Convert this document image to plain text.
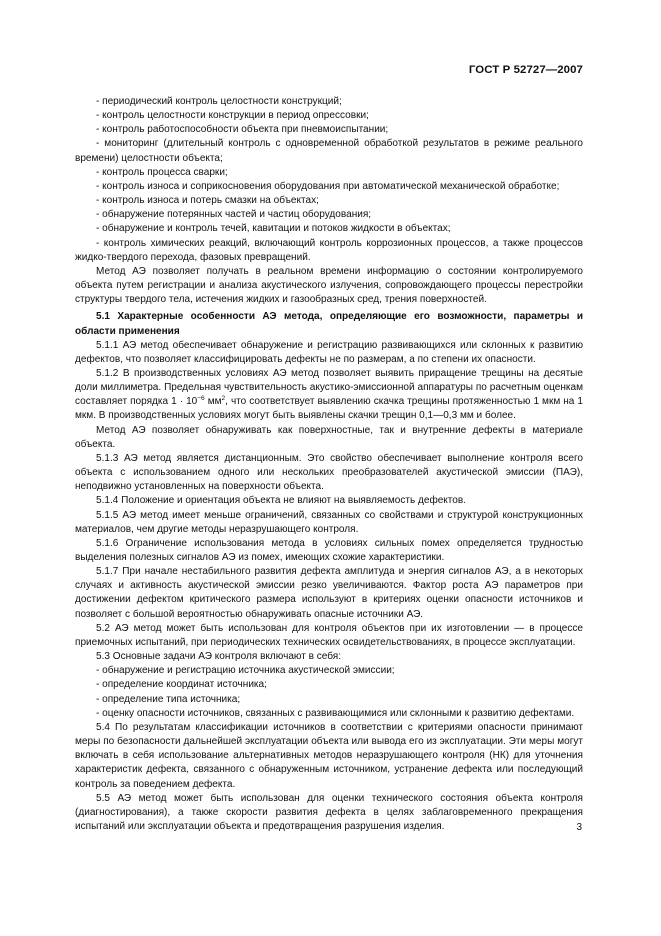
ГОСТ Р 52727—2007

- периодический контроль целостности конструкций;

- контроль целостности конструкции в период опрессовки;

- контроль работоспособности объекта при пневмоиспытании;

- мониторинг (длительный контроль с одновременной обработкой результатов в режиме реального времени) целостности объекта;

- контроль процесса сварки;

- контроль износа и соприкосновения оборудования при автоматической механической обработке;

- контроль износа и потерь смазки на объектах;

- обнаружение потерянных частей и частиц оборудования;

- обнаружение и контроль течей, кавитации и потоков жидкости в объектах;

- контроль химических реакций, включающий контроль коррозионных процессов, а также процессов жидко-твердого перехода, фазовых превращений.

Метод АЭ позволяет получать в реальном времени информацию о состоянии контролируемого объекта путем регистрации и анализа акустического излучения, сопровождающего процессы перестройки структуры твердого тела, истечения жидких и газообразных сред, трения поверхностей.

5.1 Характерные особенности АЭ метода, определяющие его возможности, параметры и области применения

5.1.1 АЭ метод обеспечивает обнаружение и регистрацию развивающихся или склонных к развитию дефектов, что позволяет классифицировать дефекты не по размерам, а по степени их опасности.

5.1.2 В производственных условиях АЭ метод позволяет выявить приращение трещины на десятые доли миллиметра. Предельная чувствительность акустико-эмиссионной аппаратуры по расчетным оценкам составляет порядка $1 \cdot 10^{-6}$ $мм^2$, что соответствует выявлению скачка трещины протяженностью 1 мкм на 1 мкм. В производственных условиях могут быть выявлены скачки трещин 0,1—0,3 мм и более.

Метод АЭ позволяет обнаруживать как поверхностные, так и внутренние дефекты в материале объекта.

5.1.3 АЭ метод является дистанционным. Это свойство обеспечивает выполнение контроля всего объекта с использованием одного или нескольких преобразователей акустической эмиссии (ПАЭ), неподвижно установленных на поверхности объекта.

5.1.4 Положение и ориентация объекта не влияют на выявляемость дефектов.

5.1.5 АЭ метод имеет меньше ограничений, связанных со свойствами и структурой конструкционных материалов, чем другие методы неразрушающего контроля.

5.1.6 Ограничение использования метода в условиях сильных помех определяется трудностью выделения полезных сигналов АЭ из помех, имеющих схожие характеристики.

5.1.7 При начале нестабильного развития дефекта амплитуда и энергия сигналов АЭ, а в некоторых случаях и активность акустической эмиссии резко увеличиваются. Фактор роста АЭ параметров при достижении дефектом критического размера используют в критериях оценки опасности источников и позволяет с большой вероятностью обнаруживать опасные источники АЭ.

5.2 АЭ метод может быть использован для контроля объектов при их изготовлении — в процессе приемочных испытаний, при периодических технических освидетельствованиях, в процессе эксплуатации.

5.3 Основные задачи АЭ контроля включают в себя:

- обнаружение и регистрацию источника акустической эмиссии;

- определение координат источника;

- определение типа источника;

- оценку опасности источников, связанных с развивающимися или склонными к развитию дефектами.

5.4 По результатам классификации источников в соответствии с критериями опасности принимают меры по безопасности дальнейшей эксплуатации объекта или вывода его из эксплуатации. Эти меры могут включать в себя использование альтернативных методов неразрушающего контроля (НК) для уточнения характеристик дефекта, связанного с обнаруженным источником, устранение дефекта или последующий контроль за поведением дефекта.

5.5 АЭ метод может быть использован для оценки технического состояния объекта контроля (диагностирования), а также скорости развития дефекта в целях заблаговременного прекращения испытаний или эксплуатации объекта и предотвращения разрушения изделия.	3
